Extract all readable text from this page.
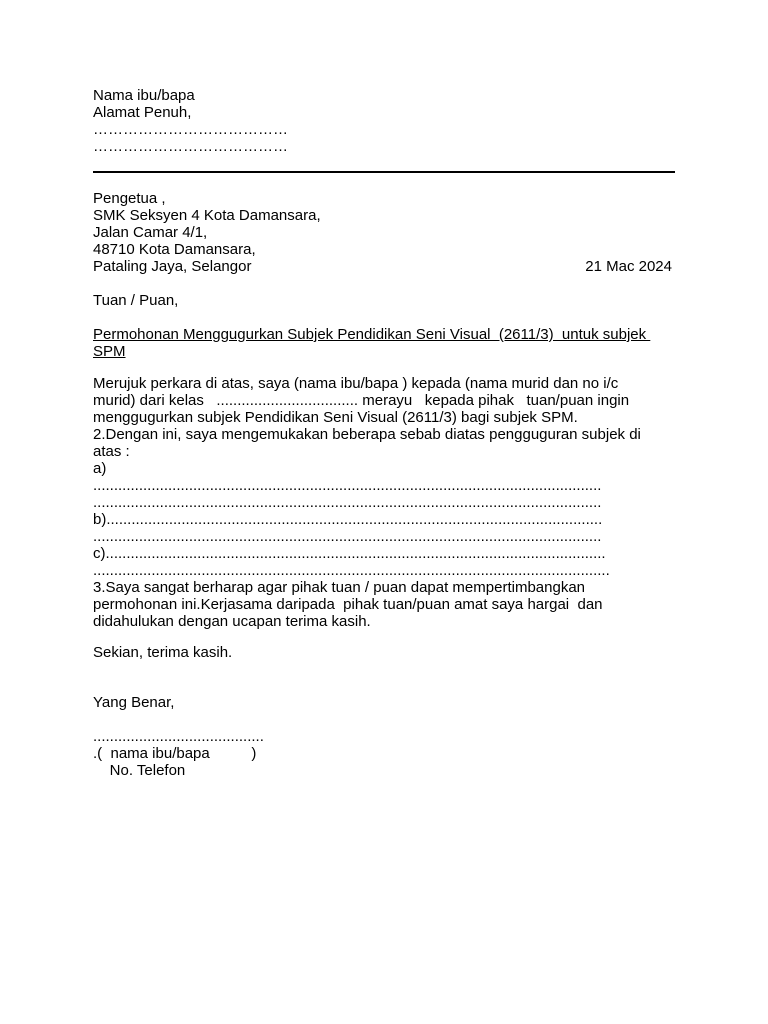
Nama ibu/bapa
Alamat Penuh,
…………………………………
…………………………………
Pengetua ,
SMK Seksyen 4 Kota Damansara,
Jalan Camar 4/1,
48710 Kota Damansara,
Pataling Jaya, Selangor	21 Mac 2024
Tuan / Puan,
Permohonan Menggugurkan Subjek Pendidikan Seni Visual  (2611/3)  untuk subjek
SPM
Merujuk perkara di atas, saya (nama ibu/bapa ) kepada (nama murid dan no i/c
murid) dari kelas   .................................. merayu   kepada pihak   tuan/puan ingin
menggugurkan subjek Pendidikan Seni Visual (2611/3) bagi subjek SPM.
2.Dengan ini, saya mengemukakan beberapa sebab diatas pengguguran subjek di
atas :
a)
..........................................................................................................................
..........................................................................................................................
b).......................................................................................................................
..........................................................................................................................
c)........................................................................................................................
............................................................................................................................
3.Saya sangat berharap agar pihak tuan / puan dapat mempertimbangkan
permohonan ini.Kerjasama daripada  pihak tuan/puan amat saya hargai  dan
didahulukan dengan ucapan terima kasih.
Sekian, terima kasih.
Yang Benar,
.........................................
.(  nama ibu/bapa          )
No. Telefon
